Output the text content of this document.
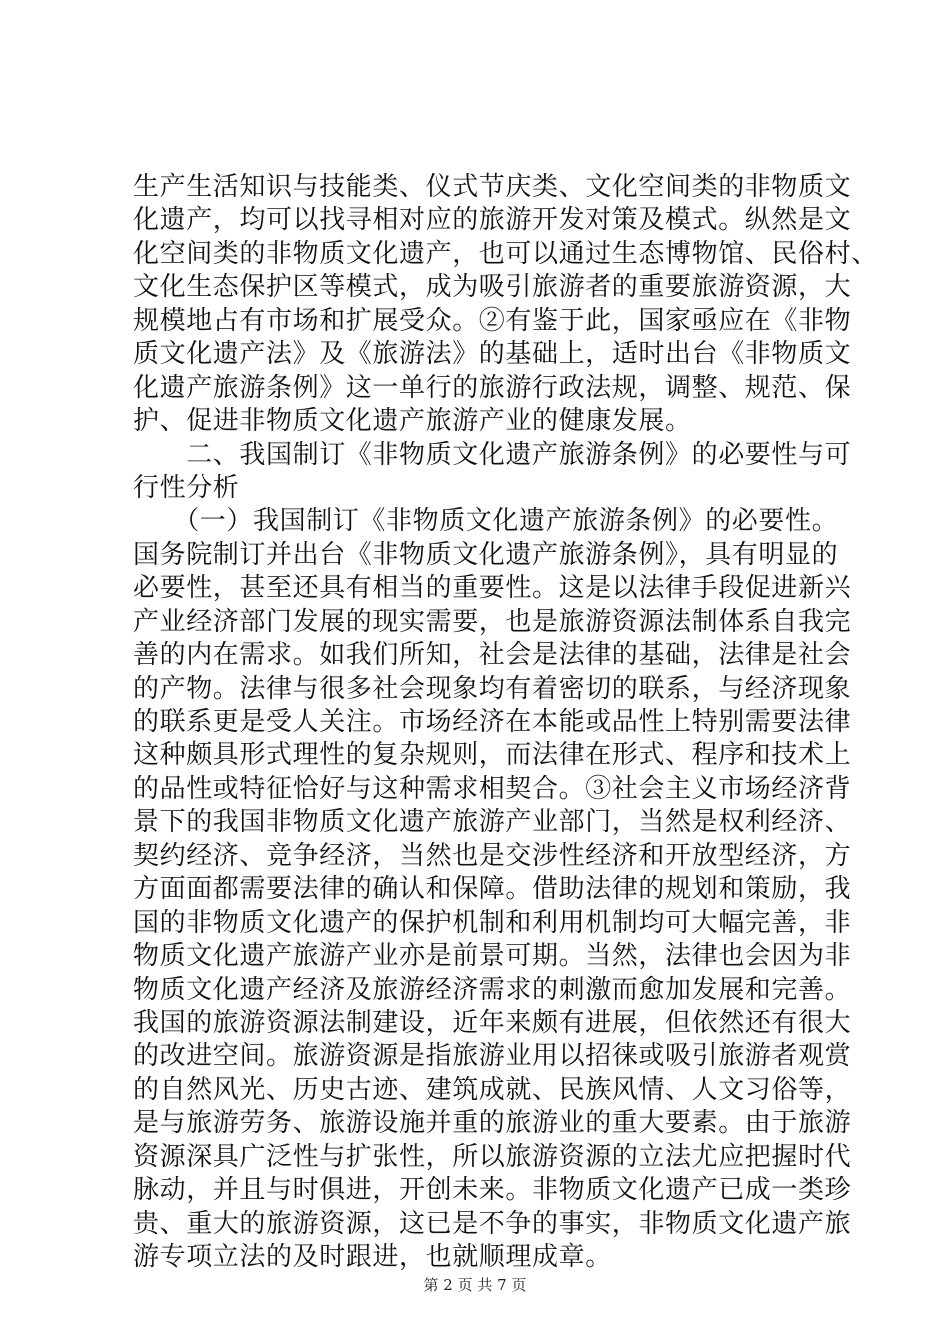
生产生活知识与技能类、仪式节庆类、文化空间类的非物质文
化遗产，均可以找寻相对应的旅游开发对策及模式。纵然是文
化空间类的非物质文化遗产，也可以通过生态博物馆、民俗村、
文化生态保护区等模式，成为吸引旅游者的重要旅游资源，大
规模地占有市场和扩展受众。②有鉴于此，国家亟应在《非物
质文化遗产法》及《旅游法》的基础上，适时出台《非物质文
化遗产旅游条例》这一单行的旅游行政法规，调整、规范、保
护、促进非物质文化遗产旅游产业的健康发展。
　　二、我国制订《非物质文化遗产旅游条例》的必要性与可
行性分析
　　（一）我国制订《非物质文化遗产旅游条例》的必要性。
国务院制订并出台《非物质文化遗产旅游条例》，具有明显的
必要性，甚至还具有相当的重要性。这是以法律手段促进新兴
产业经济部门发展的现实需要，也是旅游资源法制体系自我完
善的内在需求。如我们所知，社会是法律的基础，法律是社会
的产物。法律与很多社会现象均有着密切的联系，与经济现象
的联系更是受人关注。市场经济在本能或品性上特别需要法律
这种颇具形式理性的复杂规则，而法律在形式、程序和技术上
的品性或特征恰好与这种需求相契合。③社会主义市场经济背
景下的我国非物质文化遗产旅游产业部门，当然是权利经济、
契约经济、竞争经济，当然也是交涉性经济和开放型经济，方
方面面都需要法律的确认和保障。借助法律的规划和策励，我
国的非物质文化遗产的保护机制和利用机制均可大幅完善，非
物质文化遗产旅游产业亦是前景可期。当然，法律也会因为非
物质文化遗产经济及旅游经济需求的刺激而愈加发展和完善。
我国的旅游资源法制建设，近年来颇有进展，但依然还有很大
的改进空间。旅游资源是指旅游业用以招徕或吸引旅游者观赏
的自然风光、历史古迹、建筑成就、民族风情、人文习俗等，
是与旅游劳务、旅游设施并重的旅游业的重大要素。由于旅游
资源深具广泛性与扩张性，所以旅游资源的立法尤应把握时代
脉动，并且与时俱进，开创未来。非物质文化遗产已成一类珍
贵、重大的旅游资源，这已是不争的事实，非物质文化遗产旅
游专项立法的及时跟进，也就顺理成章。
第 2 页 共 7 页
